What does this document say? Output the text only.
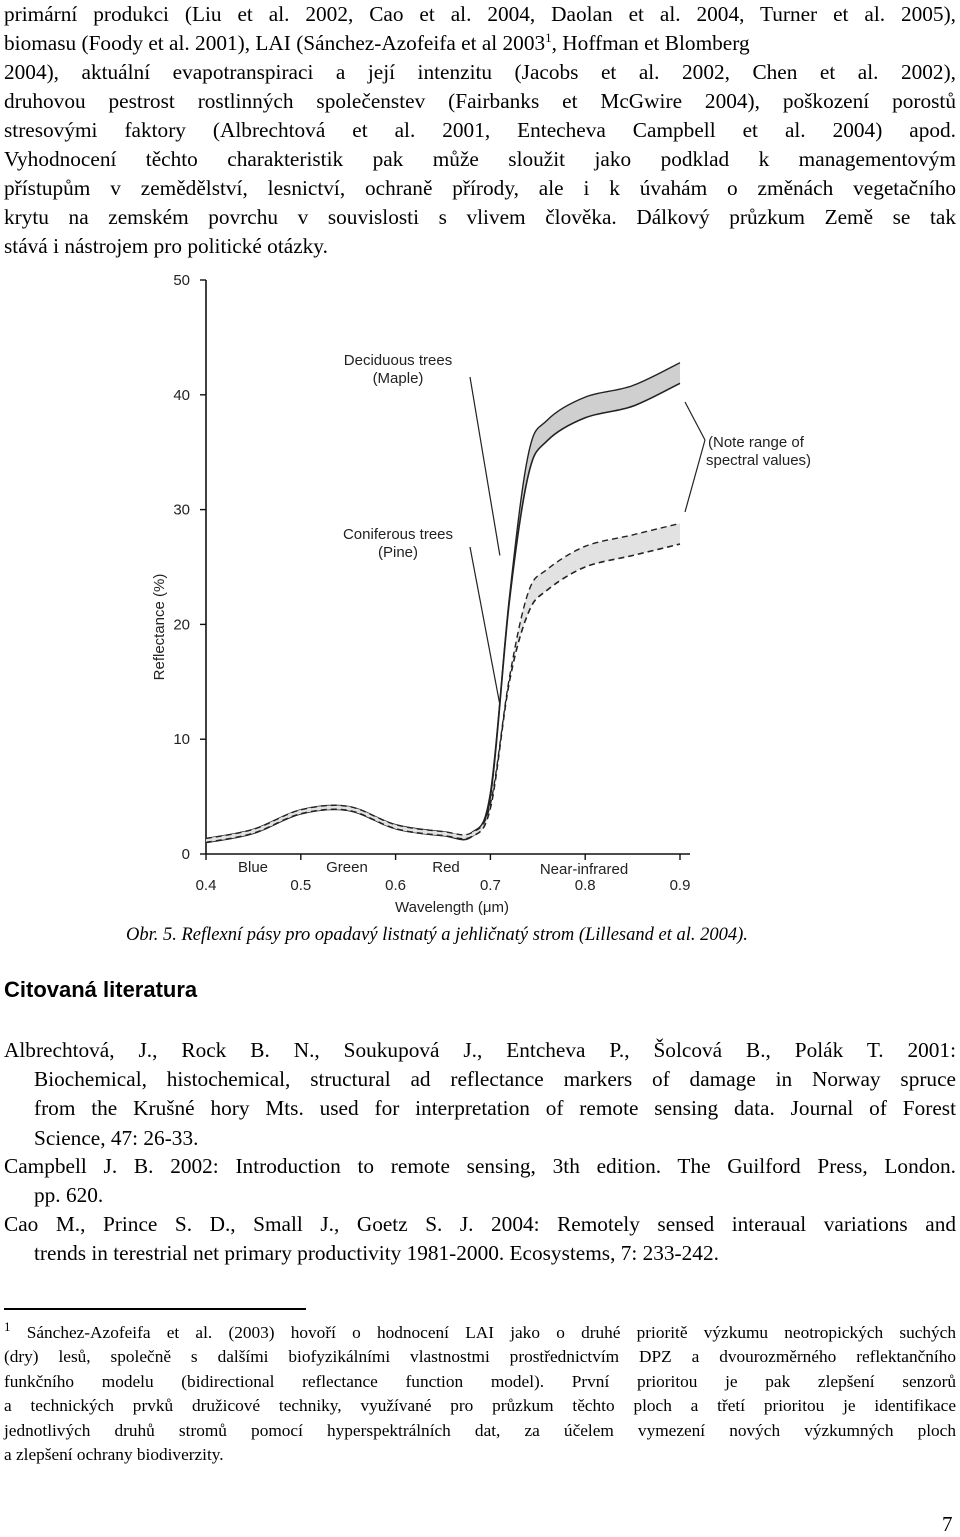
primární produkci (Liu et al. 2002, Cao et al. 2004, Daolan et al. 2004, Turner et al. 2005),

biomasu (Foody et al. 2001), LAI (Sánchez-Azofeifa et al 2003$^1$, Hoffman et Blomberg

2004), aktuální evapotranspiraci a její intenzitu (Jacobs et al. 2002, Chen et al. 2002),

druhovou pestrost rostlinných společenstev (Fairbanks et McGwire 2004), poškození porostů

stresovými faktory (Albrechtová et al. 2001, Entecheva Campbell et al. 2004) apod.

Vyhodnocení těchto charakteristik pak může sloužit jako podklad k managementovým

přístupům v zemědělství, lesnictví, ochraně přírody, ale i k úvahám o změnách vegetačního

krytu na zemském povrchu v souvislosti s vlivem člověka. Dálkový průzkum Země se tak

stává i nástrojem pro politické otázky.

0
10
20
30
40
50
0.4	0.5	0.6	0.7	0.8	0.9
Reflectance (%)
Wavelength (μm)
Blue	Green	Red	Near-infrared
Deciduous trees
(Maple)
Coniferous trees
(Pine)
(Note range of
spectral values)
Obr. 5. Reflexní pásy pro opadavý listnatý a jehličnatý strom (Lillesand et al. 2004).
Citovaná literatura
Albrechtová, J., Rock B. N., Soukupová J., Entcheva P., Šolcová B., Polák T. 2001:
Biochemical, histochemical, structural ad reflectance markers of damage in Norway spruce
from the Krušné hory Mts. used for interpretation of remote sensing data. Journal of Forest
Science, 47: 26-33.
Campbell J. B. 2002: Introduction to remote sensing, 3th edition. The Guilford Press, London.
pp. 620.
Cao M., Prince S. D., Small J., Goetz S. J. 2004: Remotely sensed interaual variations and
trends in terestrial net primary productivity 1981-2000. Ecosystems, 7: 233-242.
$^1$ Sánchez-Azofeifa et al. (2003) hovoří o hodnocení LAI jako o druhé prioritě výzkumu neotropických suchých
(dry) lesů, společně s dalšími biofyzikálními vlastnostmi prostřednictvím DPZ a dvourozměrného reflektančního
funkčního modelu (bidirectional reflectance function model). První prioritou je pak zlepšení senzorů
a technických prvků družicové techniky, využívané pro průzkum těchto ploch a třetí prioritou je identifikace
jednotlivých druhů stromů pomocí hyperspektrálních dat, za účelem vymezení nových výzkumných ploch
a zlepšení ochrany biodiverzity.
7
